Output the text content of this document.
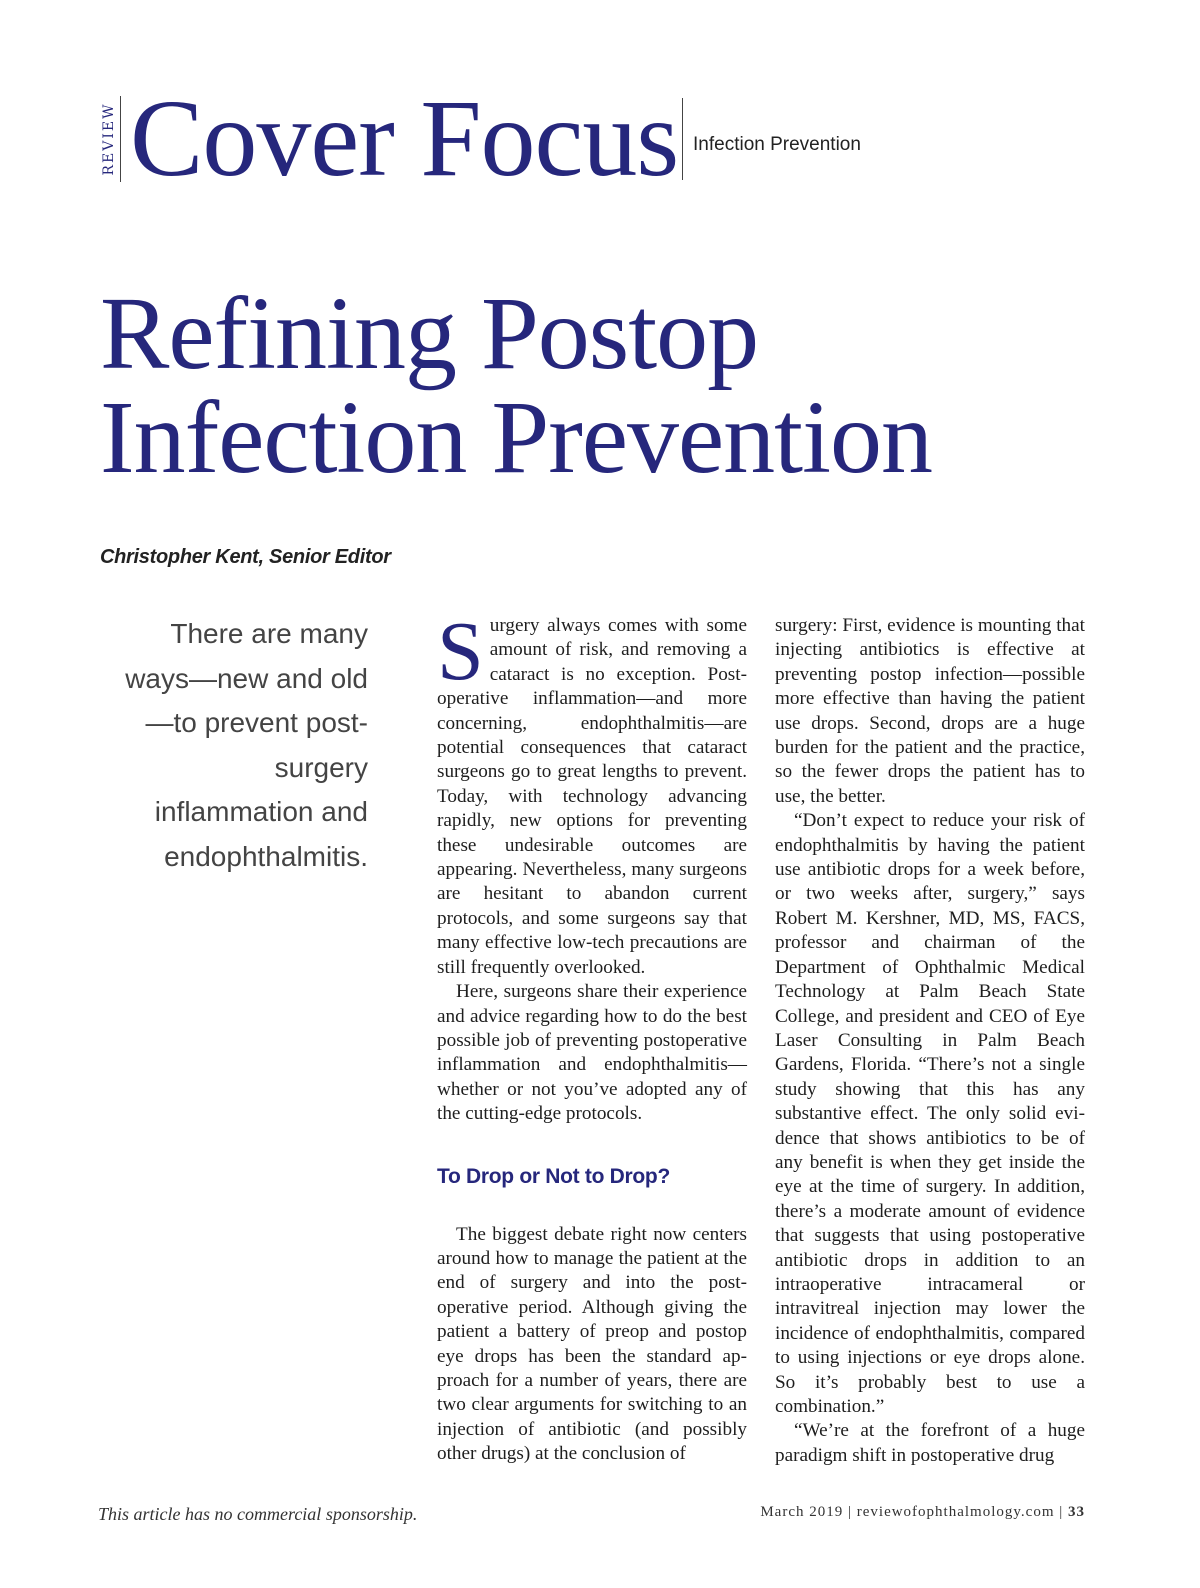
REVIEW Cover Focus Infection Prevention
Refining Postop
Infection Prevention
Christopher Kent, Senior Editor
There are many ways—new and old—to prevent post-surgery inflammation and endophthalmitis.

Surgery always comes with some amount of risk, and removing a cataract is no exception. Postoperative inflammation—and more concerning, endophthalmitis—are potential consequences that cataract surgeons go to great lengths to prevent. Today, with technology advancing rapidly, new options for preventing these undesirable outcomes are appearing. Nevertheless, many surgeons are hesitant to abandon current protocols, and some surgeons say that many effective low-tech precautions are still frequently overlooked.

Here, surgeons share their experience and advice regarding how to do the best possible job of preventing postoperative inflammation and endophthalmitis—whether or not you’ve adopted any of the cutting-edge protocols.

To Drop or Not to Drop?

The biggest debate right now centers around how to manage the patient at the end of surgery and into the postoperative period. Although giving the patient a battery of preop and postop eye drops has been the standard approach for a number of years, there are two clear arguments for switching to an injection of antibiotic (and possibly other drugs) at the conclusion of

surgery: First, evidence is mounting that injecting antibiotics is effective at preventing postop infection—possible more effective than having the patient use drops. Second, drops are a huge burden for the patient and the practice, so the fewer drops the patient has to use, the better.

“Don’t expect to reduce your risk of endophthalmitis by having the patient use antibiotic drops for a week before, or two weeks after, surgery,” says Robert M. Kershner, MD, MS, FACS, professor and chairman of the Department of Ophthalmic Medical Technology at Palm Beach State College, and president and CEO of Eye Laser Consulting in Palm Beach Gardens, Florida. “There’s not a single study showing that this has any substantive effect. The only solid evidence that shows antibiotics to be of any benefit is when they get inside the eye at the time of surgery. In addition, there’s a moderate amount of evidence that suggests that using postoperative antibiotic drops in addition to an intraoperative intracameral or intravitreal injection may lower the incidence of endophthalmitis, compared to using injections or eye drops alone. So it’s probably best to use a combination.”

“We’re at the forefront of a huge paradigm shift in postoperative drug

This article has no commercial sponsorship.	March 2019 | reviewofophthalmology.com | 33
